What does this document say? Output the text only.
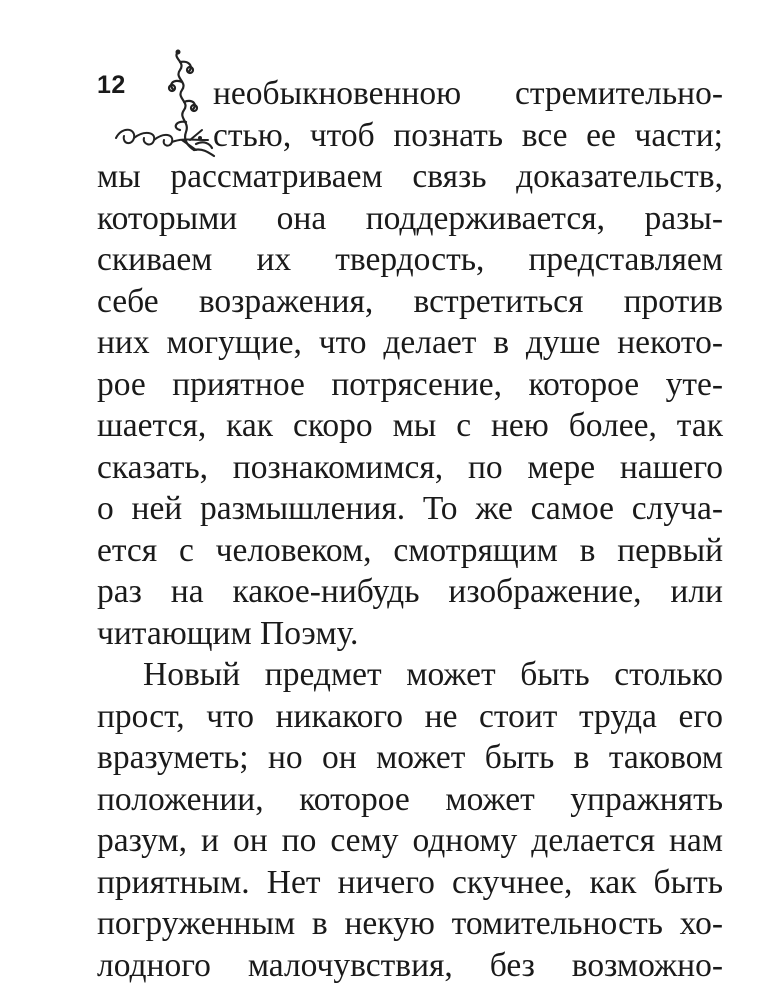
12	необыкновенною стремительно-
стью, чтоб познать все ее части;
мы рассматриваем связь доказательств,
которыми она поддерживается, разы-
скиваем их твердость, представляем
себе возражения, встретиться против
них могущие, что делает в душе некото-
рое приятное потрясение, которое уте-
шается, как скоро мы с нею более, так
сказать, познакомимся, по мере нашего
о ней размышления. То же самое случа-
ется с человеком, смотрящим в первый
раз на какое-нибудь изображение, или
читающим Поэму.
Новый предмет может быть столько
прост, что никакого не стоит труда его
вразуметь; но он может быть в таковом
положении, которое может упражнять
разум, и он по сему одному делается нам
приятным. Нет ничего скучнее, как быть
погруженным в некую томительность хо-
лодного малочувствия, без возможно-
